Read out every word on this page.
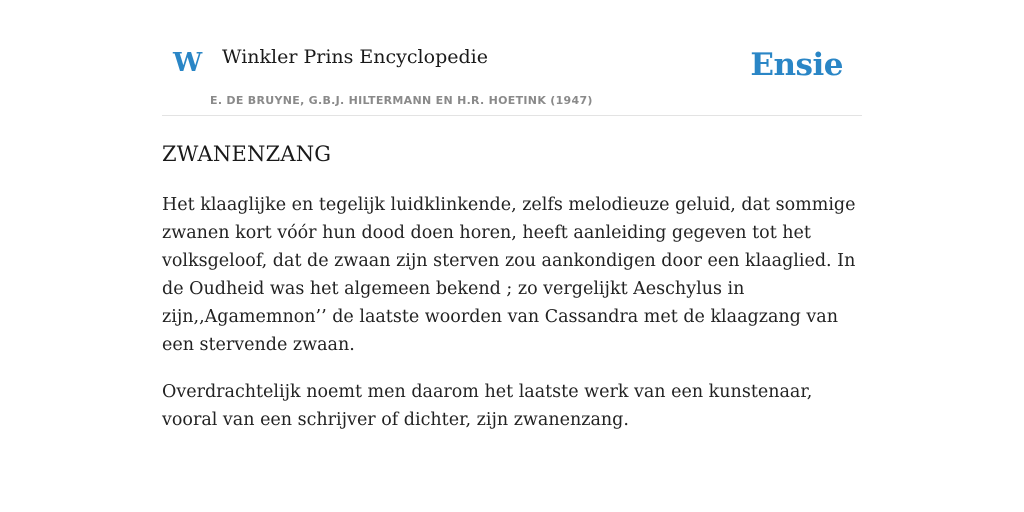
W Winkler Prins Encyclopedie
E. DE BRUYNE, G.B.J. HILTERMANN EN H.R. HOETINK (1947)
Ensie
ZWANENZANG

Het klaaglijke en tegelijk luidklinkende, zelfs melodieuze geluid, dat sommige zwanen kort vóór hun dood doen horen, heeft aanleiding gegeven tot het volksgeloof, dat de zwaan zijn sterven zou aankondigen door een klaaglied. In de Oudheid was het algemeen bekend ; zo vergelijkt Aeschylus in zijn,,Agamemnon’’ de laatste woorden van Cassandra met de klaagzang van een stervende zwaan.

Overdrachtelijk noemt men daarom het laatste werk van een kunstenaar, vooral van een schrijver of dichter, zijn zwanenzang.
